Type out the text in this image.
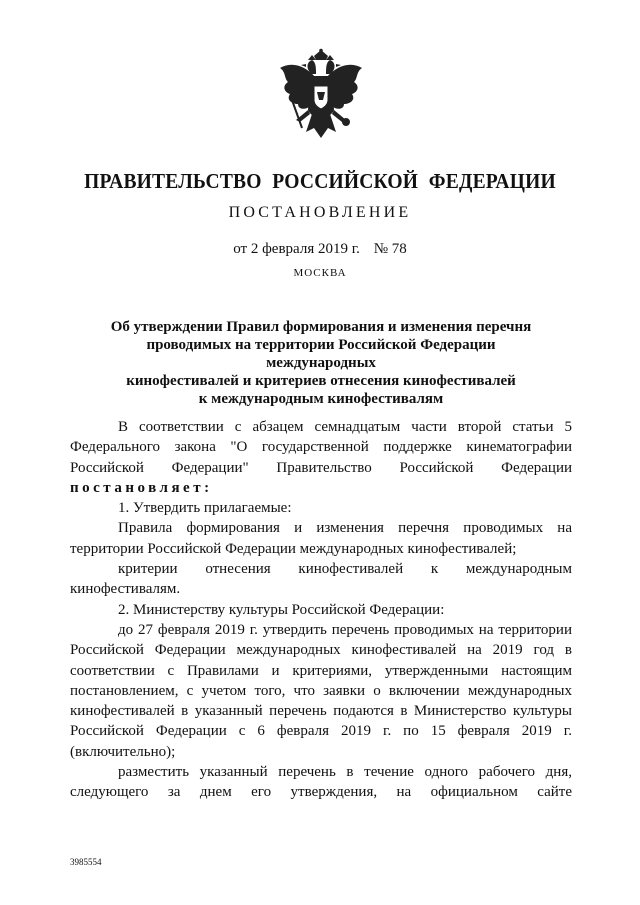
ПРАВИТЕЛЬСТВО РОССИЙСКОЙ ФЕДЕРАЦИИ
ПОСТАНОВЛЕНИЕ
от 2 февраля 2019 г. № 78
МОСКВА
Об утверждении Правил формирования и изменения перечня
проводимых на территории Российской Федерации международных
кинофестивалей и критериев отнесения кинофестивалей
к международным кинофестивалям

В соответствии с абзацем семнадцатым части второй статьи 5 Федерального закона "О государственной поддержке кинематографии Российской Федерации" Правительство Российской Федерации

постановляет:

1. Утвердить прилагаемые:

Правила формирования и изменения перечня проводимых на территории Российской Федерации международных кинофестивалей;

критерии отнесения кинофестивалей к международным кинофестивалям.

2. Министерству культуры Российской Федерации:

до 27 февраля 2019 г. утвердить перечень проводимых на территории Российской Федерации международных кинофестивалей на 2019 год в соответствии с Правилами и критериями, утвержденными настоящим постановлением, с учетом того, что заявки о включении международных кинофестивалей в указанный перечень подаются в Министерство культуры Российской Федерации с 6 февраля 2019 г. по 15 февраля 2019 г. (включительно);

разместить указанный перечень в течение одного рабочего дня, следующего за днем его утверждения, на официальном сайте

3985554
